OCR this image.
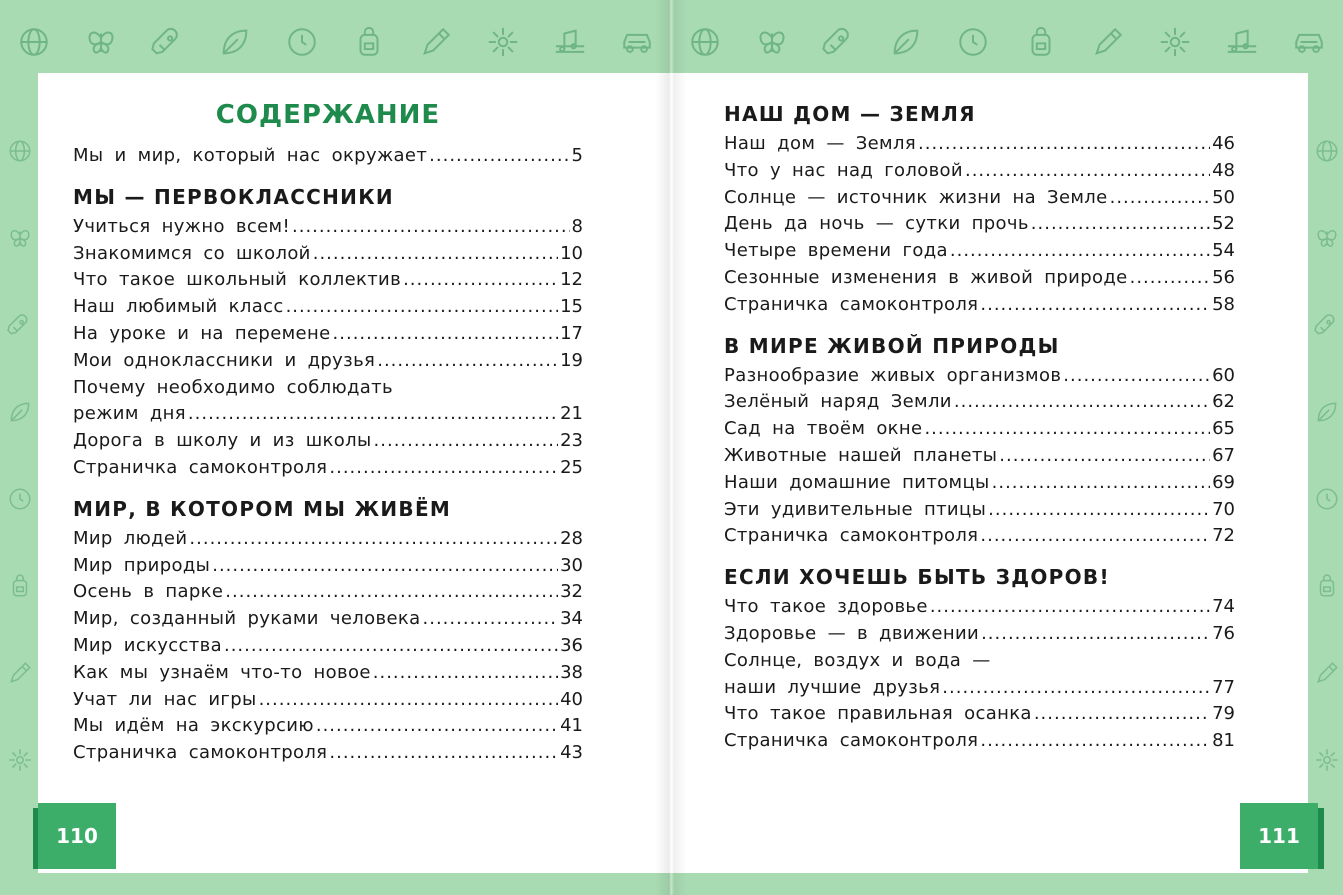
СОДЕРЖАНИЕ
Мы и мир, который нас окружает .....	5
МЫ — ПЕРВОКЛАССНИКИ
Учиться нужно всем! .....	8
Знакомимся со школой .....	10
Что такое школьный коллектив .....	12
Наш любимый класс .....	15
На уроке и на перемене .....	17
Мои одноклассники и друзья .....	19
Почему необходимо соблюдать
режим дня .....	21
Дорога в школу и из школы .....	23
Страничка самоконтроля .....	25
МИР, В КОТОРОМ МЫ ЖИВЁМ
Мир людей .....	28
Мир природы .....	30
Осень в парке .....	32
Мир, созданный руками человека .....	34
Мир искусства .....	36
Как мы узнаём что-то новое .....	38
Учат ли нас игры .....	40
Мы идём на экскурсию .....	41
Страничка самоконтроля .....	43
110
НАШ ДОМ — ЗЕМЛЯ
Наш дом — Земля .....	46
Что у нас над головой .....	48
Солнце — источник жизни на Земле .....	50
День да ночь — сутки прочь .....	52
Четыре времени года .....	54
Сезонные изменения в живой природе .....	56
Страничка самоконтроля .....	58
В МИРЕ ЖИВОЙ ПРИРОДЫ
Разнообразие живых организмов .....	60
Зелёный наряд Земли .....	62
Сад на твоём окне .....	65
Животные нашей планеты .....	67
Наши домашние питомцы .....	69
Эти удивительные птицы .....	70
Страничка самоконтроля .....	72
ЕСЛИ ХОЧЕШЬ БЫТЬ ЗДОРОВ!
Что такое здоровье .....	74
Здоровье — в движении .....	76
Солнце, воздух и вода —
наши лучшие друзья .....	77
Что такое правильная осанка .....	79
Страничка самоконтроля .....	81
111
